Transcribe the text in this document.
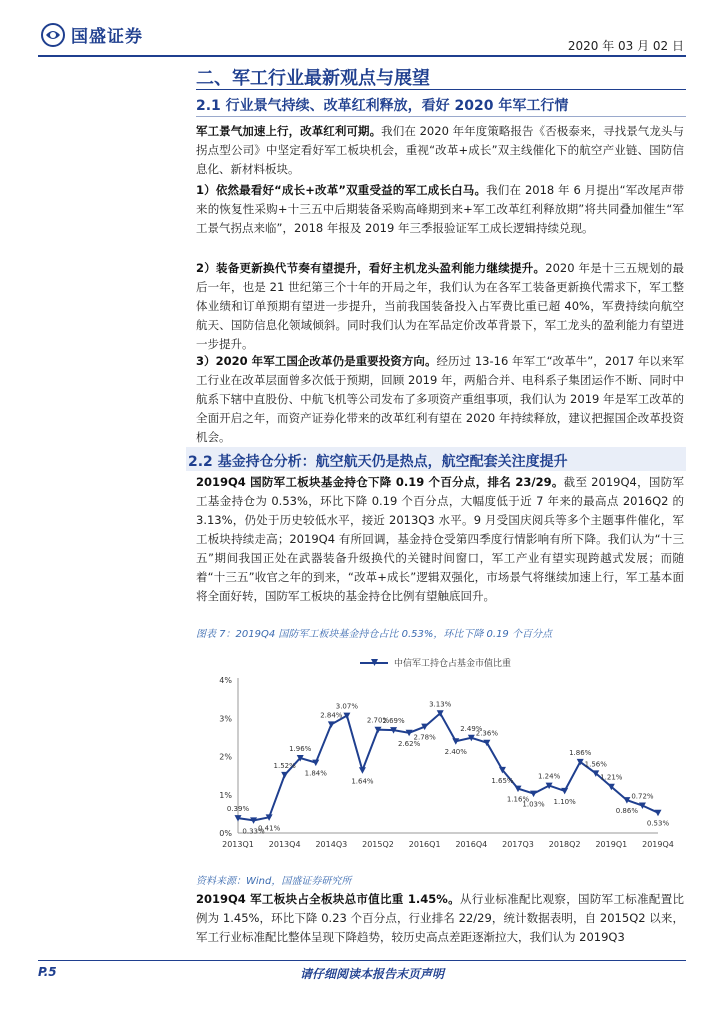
国盛证券	2020 年 03 月 02 日
二、军工行业最新观点与展望
2.1 行业景气持续、改革红利释放，看好 2020 年军工行情
军工景气加速上行，改革红利可期。我们在 2020 年年度策略报告《否极泰来，寻找景气龙头与拐点型公司》中坚定看好军工板块机会，重视“改革+成长”双主线催化下的航空产业链、国防信息化、新材料板块。
1）依然最看好“成长+改革”双重受益的军工成长白马。我们在 2018 年 6 月提出“军改尾声带来的恢复性采购+十三五中后期装备采购高峰期到来+军工改革红利释放期”将共同叠加催生“军工景气拐点来临”，2018 年报及 2019 年三季报验证军工成长逻辑持续兑现。
2）装备更新换代节奏有望提升，看好主机龙头盈利能力继续提升。2020 年是十三五规划的最后一年，也是 21 世纪第三个十年的开局之年，我们认为在各军工装备更新换代需求下，军工整体业绩和订单预期有望进一步提升，当前我国装备投入占军费比重已超 40%，军费持续向航空航天、国防信息化领域倾斜。同时我们认为在军品定价改革背景下，军工龙头的盈利能力有望进一步提升。
3）2020 年军工国企改革仍是重要投资方向。经历过 13-16 年军工“改革牛”，2017 年以来军工行业在改革层面曾多次低于预期，回顾 2019 年，两船合并、电科系子集团运作不断、同时中航系下辖中直股份、中航飞机等公司发布了多项资产重组事项，我们认为 2019 年是军工改革的全面开启之年，而资产证券化带来的改革红利有望在 2020 年持续释放，建议把握国企改革投资机会。
2.2 基金持仓分析：航空航天仍是热点，航空配套关注度提升
2019Q4 国防军工板块基金持仓下降 0.19 个百分点，排名 23/29。截至 2019Q4，国防军工基金持仓为 0.53%，环比下降 0.19 个百分点，大幅度低于近 7 年来的最高点 2016Q2 的 3.13%，仍处于历史较低水平，接近 2013Q3 水平。9 月受国庆阅兵等多个主题事件催化，军工板块持续走高；2019Q4 有所回调，基金持仓受第四季度行情影响有所下降。我们认为“十三五”期间我国正处在武器装备升级换代的关键时间窗口，军工产业有望实现跨越式发展；而随着“十三五”收官之年的到来，“改革+成长”逻辑双强化，市场景气将继续加速上行，军工基本面将全面好转，国防军工板块的基金持仓比例有望触底回升。
图表 7：2019Q4 国防军工板块基金持仓占比 0.53%，环比下降 0.19 个百分点
中信军工持仓占基金市值比重
0%
1%
2%
3%
4%
2013Q1 2013Q4 2014Q3 2015Q2 2016Q1 2016Q4 2017Q3 2018Q2 2019Q1 2019Q4
0.39%
0.33%
0.41%
1.52%
1.96%
1.84%
2.84%
3.07%
1.64%
2.70%
2.69%
2.62%
2.78%
3.13%
2.40%
2.49%
2.36%
1.65%
1.16%
1.03%
1.24%
1.10%
1.86%
1.56%
1.21%
0.86%
0.72%
0.53%
资料来源：Wind，国盛证券研究所
2019Q4 军工板块占全板块总市值比重 1.45%。从行业标准配比观察，国防军工标准配置比例为 1.45%，环比下降 0.23 个百分点，行业排名 22/29，统计数据表明，自 2015Q2 以来，军工行业标准配比整体呈现下降趋势，较历史高点差距逐渐拉大，我们认为 2019Q3
P.5	请仔细阅读本报告末页声明
